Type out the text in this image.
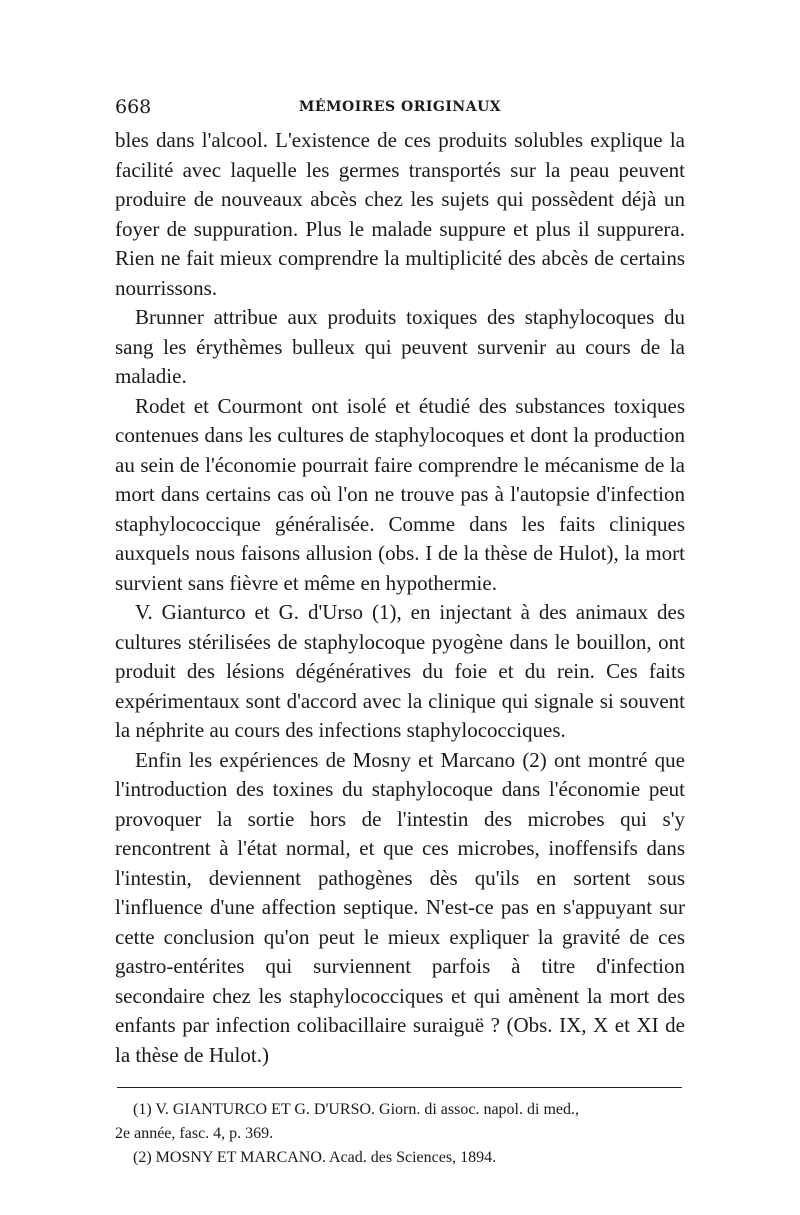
668	MÉMOIRES ORIGINAUX

bles dans l'alcool. L'existence de ces produits solubles explique la facilité avec laquelle les germes transportés sur la peau peuvent produire de nouveaux abcès chez les sujets qui possèdent déjà un foyer de suppuration. Plus le malade suppure et plus il suppurera. Rien ne fait mieux comprendre la multiplicité des abcès de certains nourrissons.

Brunner attribue aux produits toxiques des staphylocoques du sang les érythèmes bulleux qui peuvent survenir au cours de la maladie.

Rodet et Courmont ont isolé et étudié des substances toxiques contenues dans les cultures de staphylocoques et dont la production au sein de l'économie pourrait faire comprendre le mécanisme de la mort dans certains cas où l'on ne trouve pas à l'autopsie d'infection staphylococcique généralisée. Comme dans les faits cliniques auxquels nous faisons allusion (obs. I de la thèse de Hulot), la mort survient sans fièvre et même en hypothermie.

V. Gianturco et G. d'Urso (1), en injectant à des animaux des cultures stérilisées de staphylocoque pyogène dans le bouillon, ont produit des lésions dégénératives du foie et du rein. Ces faits expérimentaux sont d'accord avec la clinique qui signale si souvent la néphrite au cours des infections staphylococciques.

Enfin les expériences de Mosny et Marcano (2) ont montré que l'introduction des toxines du staphylocoque dans l'économie peut provoquer la sortie hors de l'intestin des microbes qui s'y rencontrent à l'état normal, et que ces microbes, inoffensifs dans l'intestin, deviennent pathogènes dès qu'ils en sortent sous l'influence d'une affection septique. N'est-ce pas en s'appuyant sur cette conclusion qu'on peut le mieux expliquer la gravité de ces gastro-entérites qui surviennent parfois à titre d'infection secondaire chez les staphylococciques et qui amènent la mort des enfants par infection colibacillaire suraiguë ? (Obs. IX, X et XI de la thèse de Hulot.)

(1) V. GIANTURCO ET G. D'URSO. Giorn. di assoc. napol. di med.,
2e année, fasc. 4, p. 369.

(2) MOSNY ET MARCANO. Acad. des Sciences, 1894.
